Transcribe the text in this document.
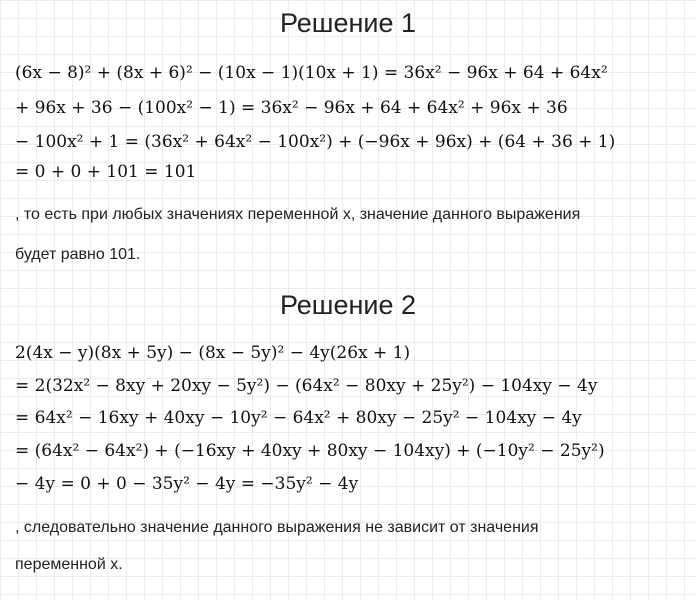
Решение 1
(6x − 8)² + (8x + 6)² − (10x − 1)(10x + 1) = 36x² − 96x + 64 + 64x²
+ 96x + 36 − (100x² − 1) = 36x² − 96x + 64 + 64x² + 96x + 36
− 100x² + 1 = (36x² + 64x² − 100x²) + (−96x + 96x) + (64 + 36 + 1)
= 0 + 0 + 101 = 101
, то есть при любых значениях переменной x, значение данного выражения
будет равно 101.
Решение 2
2(4x − y)(8x + 5y) − (8x − 5y)² − 4y(26x + 1)
= 2(32x² − 8xy + 20xy − 5y²) − (64x² − 80xy + 25y²) − 104xy − 4y
= 64x² − 16xy + 40xy − 10y² − 64x² + 80xy − 25y² − 104xy − 4y
= (64x² − 64x²) + (−16xy + 40xy + 80xy − 104xy) + (−10y² − 25y²)
− 4y = 0 + 0 − 35y² − 4y = −35y² − 4y
, следовательно значение данного выражения не зависит от значения
переменной x.
